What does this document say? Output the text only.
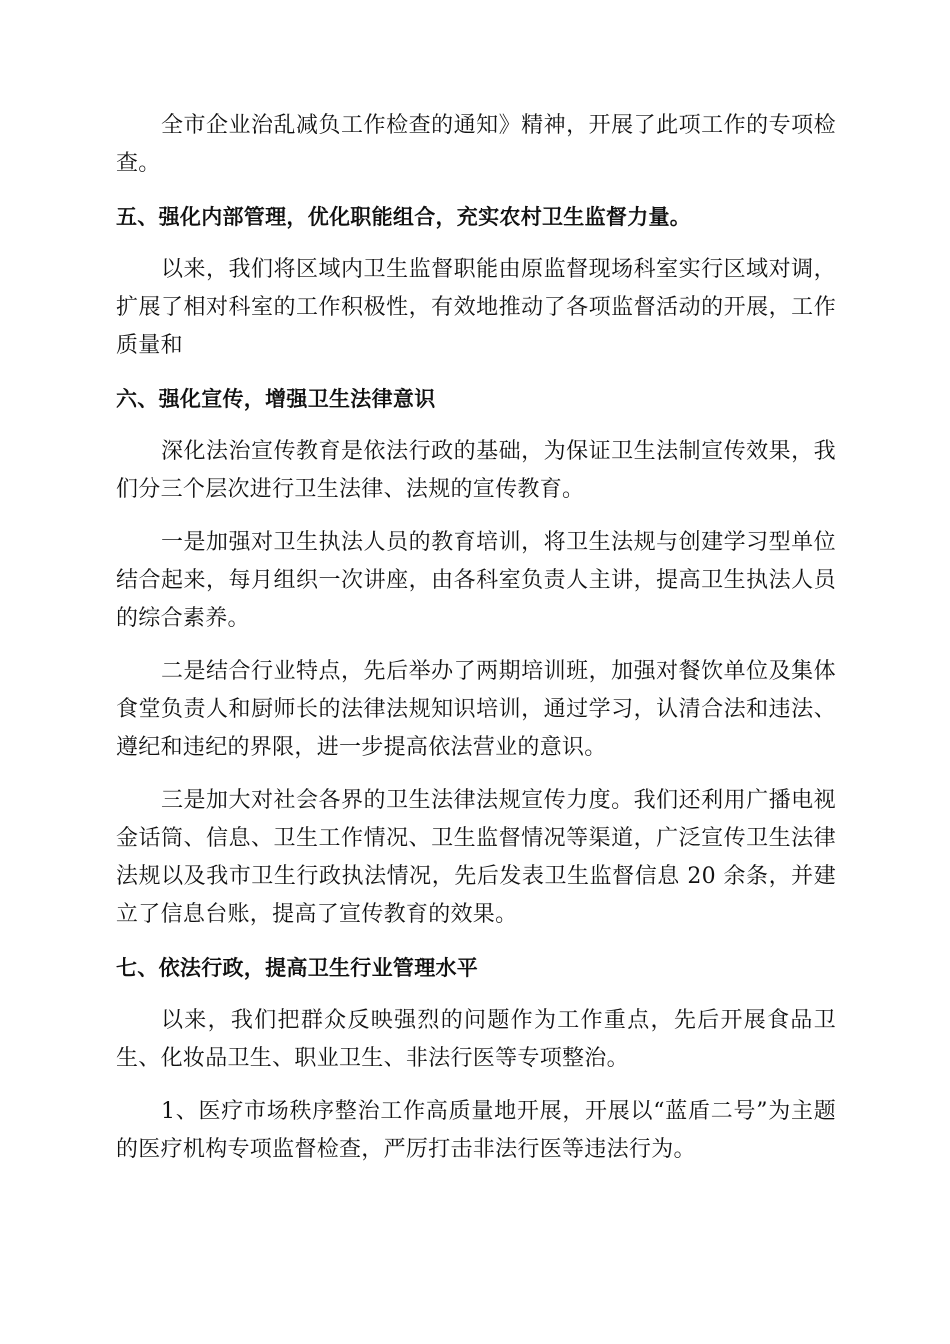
全市企业治乱减负工作检查的通知》精神，开展了此项工作的专项检查。

五、强化内部管理，优化职能组合，充实农村卫生监督力量。

以来，我们将区域内卫生监督职能由原监督现场科室实行区域对调，扩展了相对科室的工作积极性，有效地推动了各项监督活动的开展，工作质量和

六、强化宣传，增强卫生法律意识

深化法治宣传教育是依法行政的基础，为保证卫生法制宣传效果，我们分三个层次进行卫生法律、法规的宣传教育。

一是加强对卫生执法人员的教育培训，将卫生法规与创建学习型单位结合起来，每月组织一次讲座，由各科室负责人主讲，提高卫生执法人员的综合素养。

二是结合行业特点，先后举办了两期培训班，加强对餐饮单位及集体食堂负责人和厨师长的法律法规知识培训，通过学习，认清合法和违法、遵纪和违纪的界限，进一步提高依法营业的意识。

三是加大对社会各界的卫生法律法规宣传力度。我们还利用广播电视金话筒、信息、卫生工作情况、卫生监督情况等渠道，广泛宣传卫生法律法规以及我市卫生行政执法情况，先后发表卫生监督信息 20 余条，并建立了信息台账，提高了宣传教育的效果。

七、依法行政，提高卫生行业管理水平

以来，我们把群众反映强烈的问题作为工作重点，先后开展食品卫生、化妆品卫生、职业卫生、非法行医等专项整治。

1、医疗市场秩序整治工作高质量地开展，开展以“蓝盾二号”为主题的医疗机构专项监督检查，严厉打击非法行医等违法行为。
